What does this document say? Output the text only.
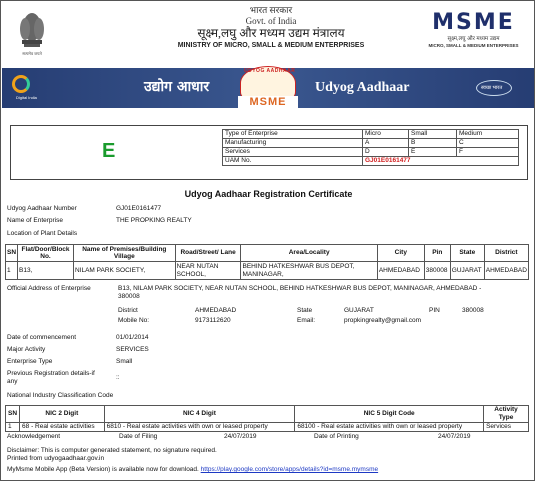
सत्यमेव जयते
भारत सरकार
Govt. of India
सूक्ष्म,लघु और मध्यम उद्यम मंत्रालय
MINISTRY OF MICRO, SMALL & MEDIUM ENTERPRISES
MSME
सूक्ष्म,लघु और मध्यम उद्यम
MICRO, SMALL & MEDIUM ENTERPRISES
Digital India
उद्योग आधार
UDYOG AADHAAR
MSME
Udyog Aadhaar	स्वच्छ भारत
E
Type of Enterprise	Micro	Small	Medium
Manufacturing	A	B	C
Services	D	E	F
UAM No.	GJ01E0161477		
Udyog Aadhaar Registration Certificate
Udyog Aadhaar Number	GJ01E0161477
Name of Enterprise	THE PROPKING REALTY
Location of Plant Details
SN	Flat/Door/Block No.	Name of Premises/Building Village	Road/Street/ Lane	Area/Locality	City	Pin	State	District
1	B13,	NILAM PARK SOCIETY,	NEAR NUTAN SCHOOL,	BEHIND HATKESHWAR BUS DEPOT, MANINAGAR,	AHMEDABAD	380008	GUJARAT	AHMEDABAD
Official Address of Enterprise	B13, NILAM PARK SOCIETY, NEAR NUTAN SCHOOL, BEHIND HATKESHWAR BUS DEPOT, MANINAGAR, AHMEDABAD -
380008
District	AHMEDABAD	State	GUJARAT	PIN	380008
Mobile No:	9173112620	Email:	propkingrealty@gmail.com
Date of commencement	01/01/2014
Major Activity	SERVICES
Enterprise Type	Small
Previous Registration details-if
any
::
National Industry Classification Code
SN	NIC 2 Digit	NIC 4 Digit	NIC 5 Digit Code	Activity Type
1	68 - Real estate activities	6810 - Real estate activities with own or leased property	68100 - Real estate activities with own or leased property	Services
Acknowledgement	Date of Filing	24/07/2019	Date of Printing	24/07/2019
Disclaimer: This is computer generated statement, no signature required.
Printed from udyogaadhaar.gov.in
MyMsme Mobile App (Beta Version) is available now for download. https://play.google.com/store/apps/details?id=msme.mymsme
